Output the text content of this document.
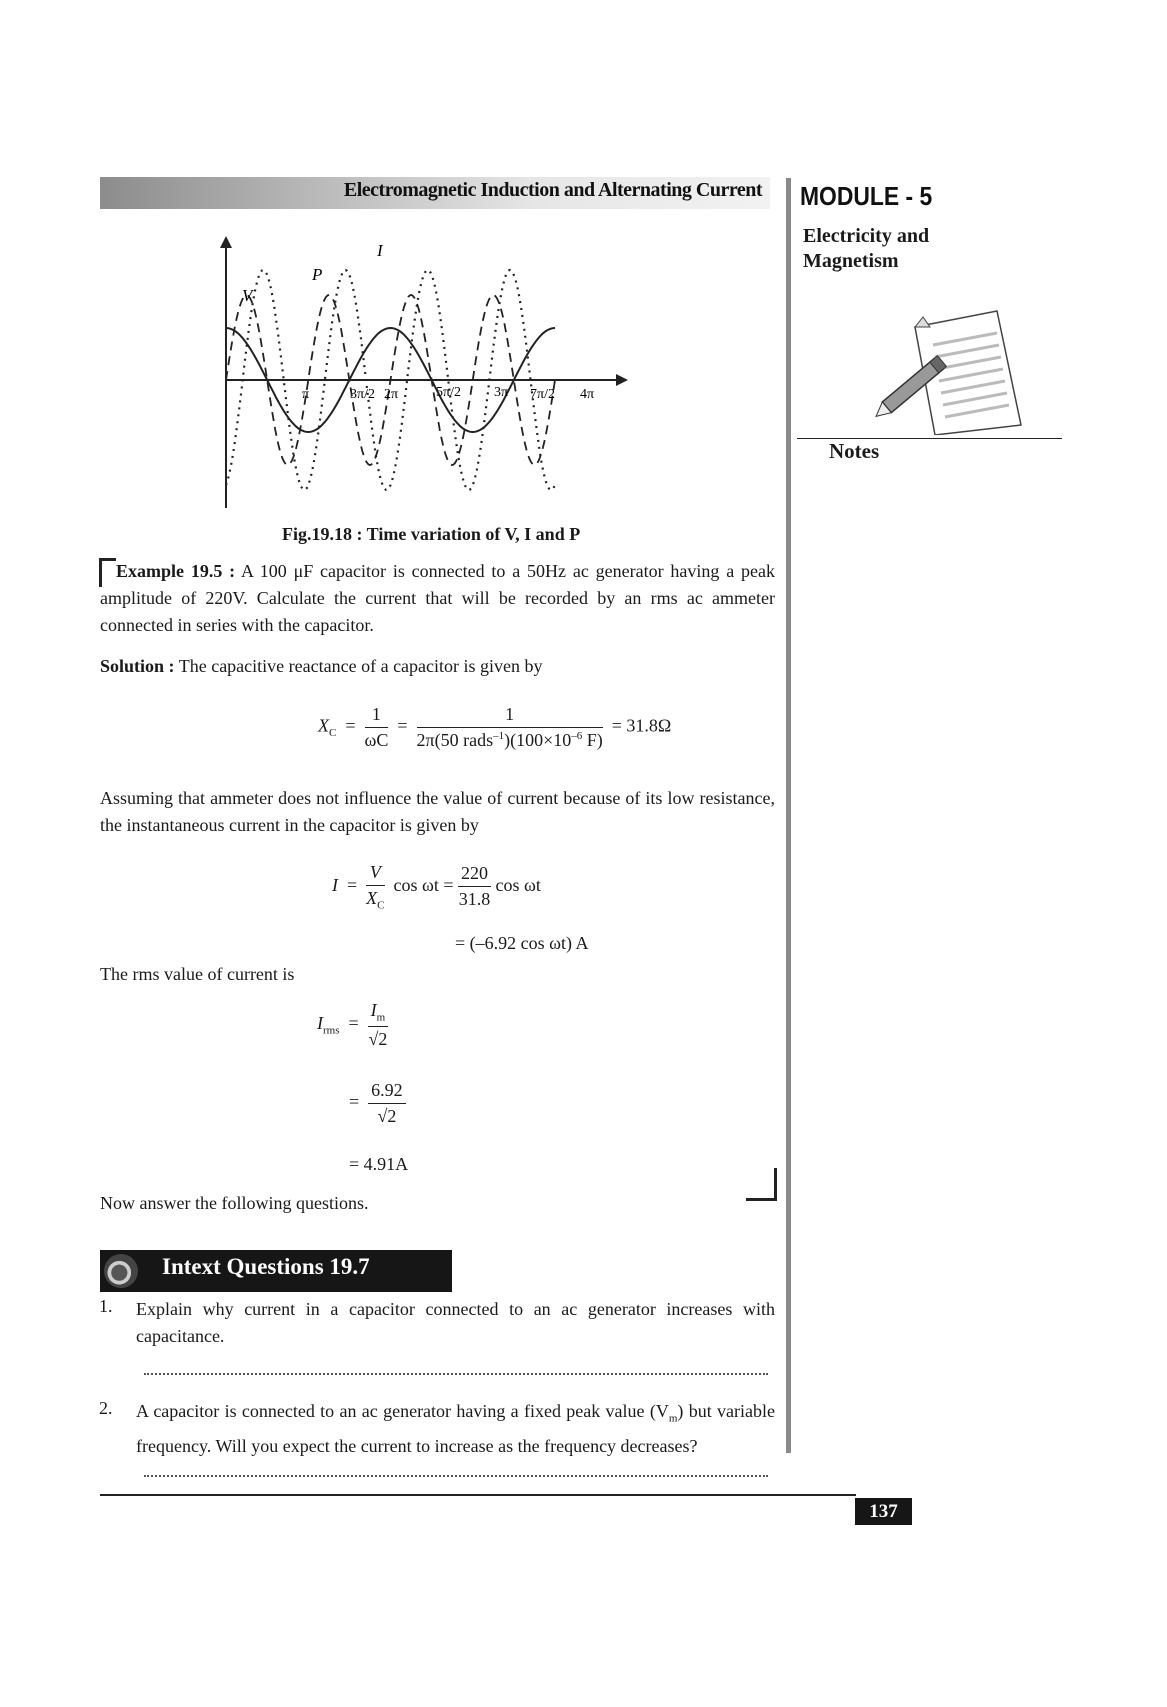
Electromagnetic Induction and Alternating Current MODULE - 5
Electricity and
Magnetism
Notes
V
P
I
π	3π/2 2π	5π/2 3π 7π/2 4π
Fig.19.18 : Time variation of V, I and P
Example 19.5 : A 100 μF capacitor is connected to a 50Hz ac generator having a peak amplitude of 220V. Calculate the current that will be recorded by an rms ac ammeter connected in series with the capacitor.
Solution : The capacitive reactance of a capacitor is given by
$X_C = \frac{1}{\omega C} = \frac{1}{2\pi(50 rads^{-1})(100\times 10^{-6} F)} = 31.8\Omega$
Assuming that ammeter does not influence the value of current because of its low resistance, the instantaneous current in the capacitor is given by
$I = \frac{V}{X_C}$ $\cos \omega t = \frac{220}{31.8}$ cos ωt
= (–6.92 cos ωt) A
The rms value of current is
$I_{rms} = \frac{I_m}{√2}$
= $\frac{6.92}{√2}$
= 4.91A
Now answer the following questions.
Intext Questions 19.7
1. Explain why current in a capacitor connected to an ac generator increases with capacitance.
2. A capacitor is connected to an ac generator having a fixed peak value $(V_m)$ but variable frequency. Will you expect the current to increase as the frequency decreases?
137
